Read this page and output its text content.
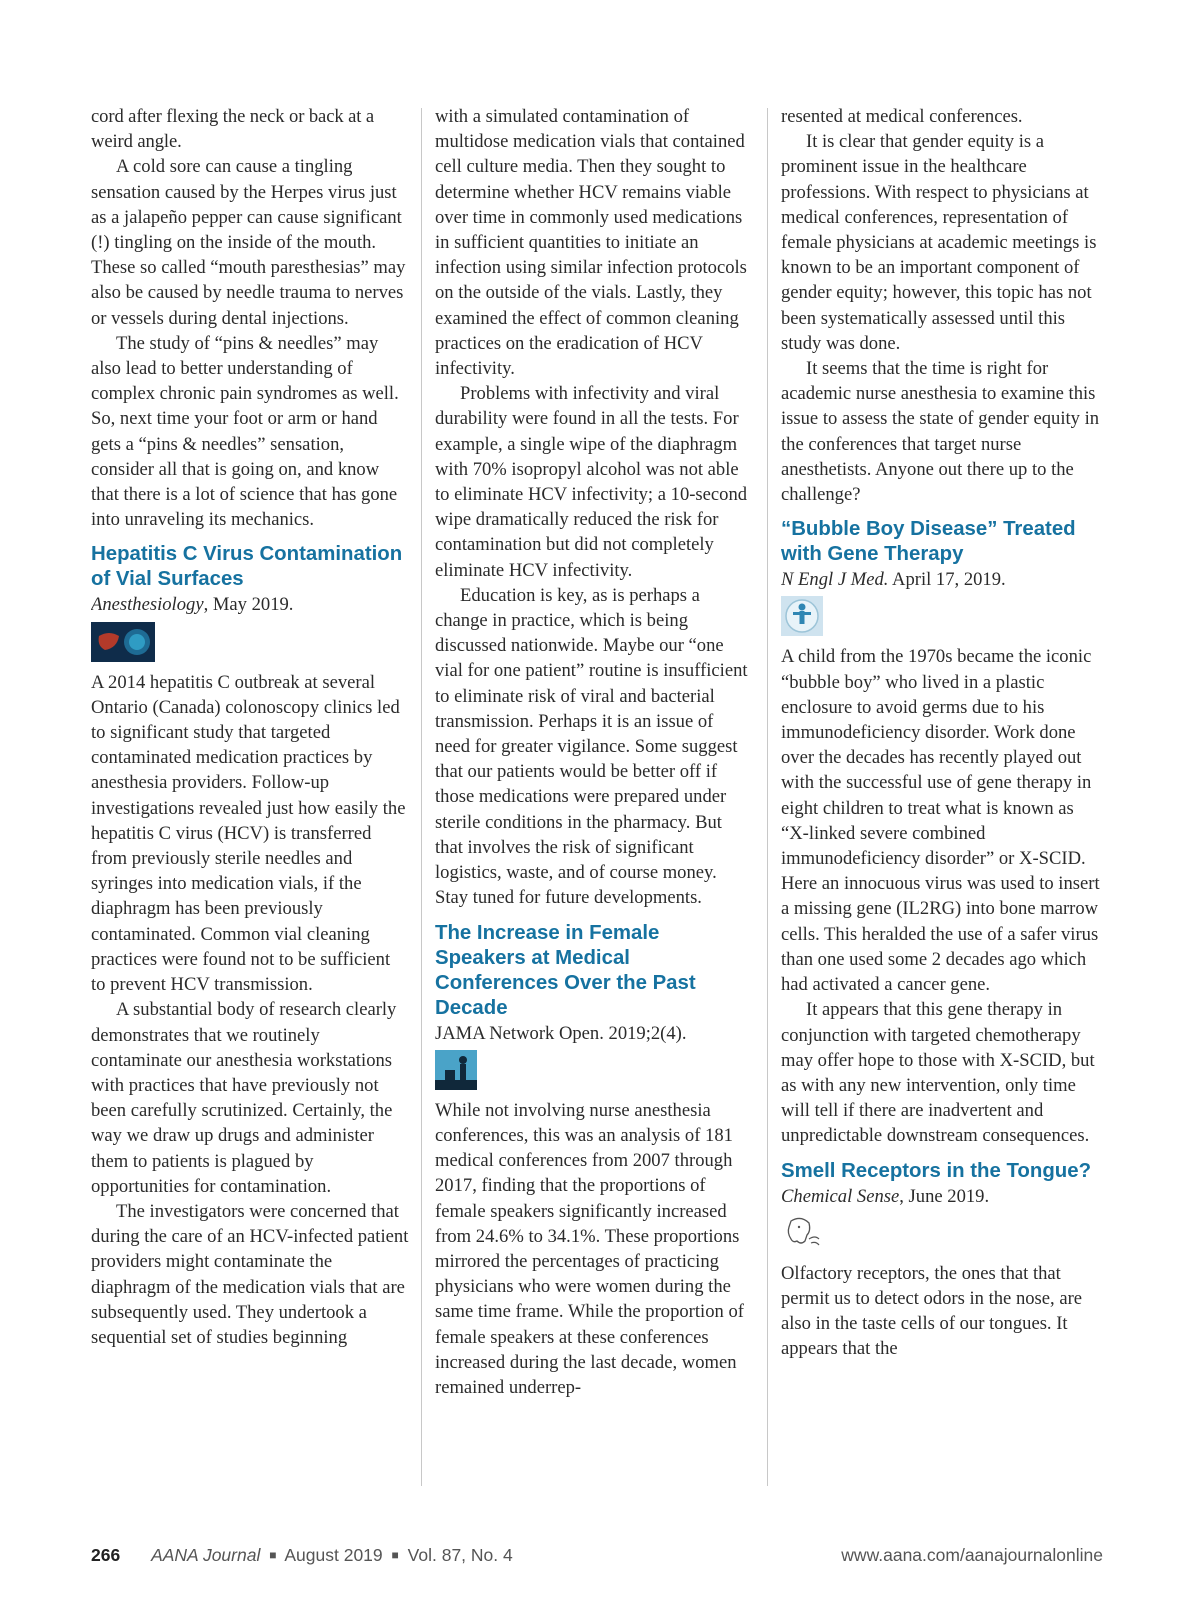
cord after flexing the neck or back at a weird angle.

A cold sore can cause a tingling sensation caused by the Herpes virus just as a jalapeño pepper can cause significant (!) tingling on the inside of the mouth. These so called “mouth paresthesias” may also be caused by needle trauma to nerves or vessels during dental injections.

The study of “pins & needles” may also lead to better understanding of complex chronic pain syndromes as well. So, next time your foot or arm or hand gets a “pins & needles” sensation, consider all that is going on, and know that there is a lot of science that has gone into unraveling its mechanics.

Hepatitis C Virus Contamination of Vial Surfaces

Anesthesiology, May 2019.

A 2014 hepatitis C outbreak at several Ontario (Canada) colonoscopy clinics led to significant study that targeted contaminated medication practices by anesthesia providers. Follow-up investigations revealed just how easily the hepatitis C virus (HCV) is transferred from previously sterile needles and syringes into medication vials, if the diaphragm has been previously contaminated. Common vial cleaning practices were found not to be sufficient to prevent HCV transmission.

A substantial body of research clearly demonstrates that we routinely contaminate our anesthesia workstations with practices that have previously not been carefully scrutinized. Certainly, the way we draw up drugs and administer them to patients is plagued by opportunities for contamination.

The investigators were concerned that during the care of an HCV-infected patient providers might contaminate the diaphragm of the medication vials that are subsequently used. They undertook a sequential set of studies beginning

with a simulated contamination of multidose medication vials that contained cell culture media. Then they sought to determine whether HCV remains viable over time in commonly used medications in sufficient quantities to initiate an infection using similar infection protocols on the outside of the vials. Lastly, they examined the effect of common cleaning practices on the eradication of HCV infectivity.

Problems with infectivity and viral durability were found in all the tests. For example, a single wipe of the diaphragm with 70% isopropyl alcohol was not able to eliminate HCV infectivity; a 10-second wipe dramatically reduced the risk for contamination but did not completely eliminate HCV infectivity.

Education is key, as is perhaps a change in practice, which is being discussed nationwide. Maybe our “one vial for one patient” routine is insufficient to eliminate risk of viral and bacterial transmission. Perhaps it is an issue of need for greater vigilance. Some suggest that our patients would be better off if those medications were prepared under sterile conditions in the pharmacy. But that involves the risk of significant logistics, waste, and of course money. Stay tuned for future developments.

The Increase in Female Speakers at Medical Conferences Over the Past Decade

JAMA Network Open. 2019;2(4).

While not involving nurse anesthesia conferences, this was an analysis of 181 medical conferences from 2007 through 2017, finding that the proportions of female speakers significantly increased from 24.6% to 34.1%. These proportions mirrored the percentages of practicing physicians who were women during the same time frame. While the proportion of female speakers at these conferences increased during the last decade, women remained underrep-

resented at medical conferences.

It is clear that gender equity is a prominent issue in the healthcare professions. With respect to physicians at medical conferences, representation of female physicians at academic meetings is known to be an important component of gender equity; however, this topic has not been systematically assessed until this study was done.

It seems that the time is right for academic nurse anesthesia to examine this issue to assess the state of gender equity in the conferences that target nurse anesthetists. Anyone out there up to the challenge?

“Bubble Boy Disease” Treated with Gene Therapy

N Engl J Med. April 17, 2019.

A child from the 1970s became the iconic “bubble boy” who lived in a plastic enclosure to avoid germs due to his immunodeficiency disorder. Work done over the decades has recently played out with the successful use of gene therapy in eight children to treat what is known as “X-linked severe combined immunodeficiency disorder” or X-SCID. Here an innocuous virus was used to insert a missing gene (IL2RG) into bone marrow cells. This heralded the use of a safer virus than one used some 2 decades ago which had activated a cancer gene.

It appears that this gene therapy in conjunction with targeted chemotherapy may offer hope to those with X-SCID, but as with any new intervention, only time will tell if there are inadvertent and unpredictable downstream consequences.

Smell Receptors in the Tongue?

Chemical Sense, June 2019.

Olfactory receptors, the ones that that permit us to detect odors in the nose, are also in the taste cells of our tongues. It appears that the

266 AANA Journal ■ August 2019 ■ Vol. 87, No. 4	www.aana.com/aanajournalonline
